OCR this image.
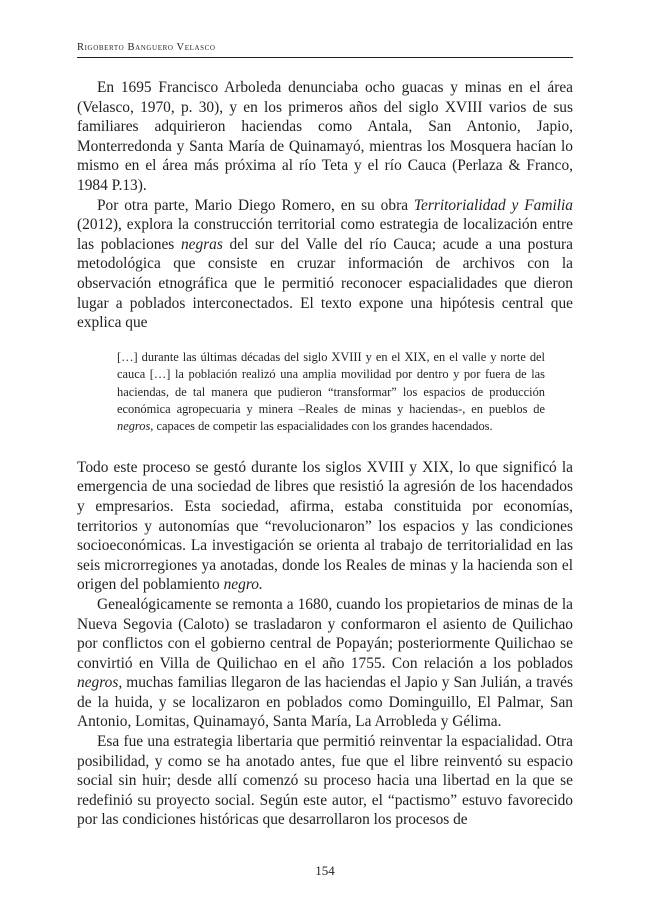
Rigoberto Banguero Velasco

En 1695 Francisco Arboleda denunciaba ocho guacas y minas en el área (Velasco, 1970, p. 30), y en los primeros años del siglo XVIII varios de sus familiares adquirieron haciendas como Antala, San Antonio, Japio, Monterredonda y Santa María de Quinamayó, mientras los Mosquera hacían lo mismo en el área más próxima al río Teta y el río Cauca (Perlaza & Franco, 1984 P.13).

Por otra parte, Mario Diego Romero, en su obra Territorialidad y Familia (2012), explora la construcción territorial como estrategia de localización entre las poblaciones negras del sur del Valle del río Cauca; acude a una postura metodológica que consiste en cruzar información de archivos con la observación etnográfica que le permitió reconocer espacialidades que dieron lugar a poblados interconectados. El texto expone una hipótesis central que explica que

[…] durante las últimas décadas del siglo XVIII y en el XIX, en el valle y norte del cauca […] la población realizó una amplia movilidad por dentro y por fuera de las haciendas, de tal manera que pudieron “transformar” los espacios de producción económica agropecuaria y minera –Reales de minas y haciendas-, en pueblos de negros, capaces de competir las espacialidades con los grandes hacendados.

Todo este proceso se gestó durante los siglos XVIII y XIX, lo que significó la emergencia de una sociedad de libres que resistió la agresión de los hacendados y empresarios. Esta sociedad, afirma, estaba constituida por economías, territorios y autonomías que “revolucionaron” los espacios y las condiciones socioeconómicas. La investigación se orienta al trabajo de territorialidad en las seis microrregiones ya anotadas, donde los Reales de minas y la hacienda son el origen del poblamiento negro.

Genealógicamente se remonta a 1680, cuando los propietarios de minas de la Nueva Segovia (Caloto) se trasladaron y conformaron el asiento de Quilichao por conflictos con el gobierno central de Popayán; posteriormente Quilichao se convirtió en Villa de Quilichao en el año 1755. Con relación a los poblados negros, muchas familias llegaron de las haciendas el Japio y San Julián, a través de la huida, y se localizaron en poblados como Dominguillo, El Palmar, San Antonio, Lomitas, Quinamayó, Santa María, La Arrobleda y Gélima.

Esa fue una estrategia libertaria que permitió reinventar la espacialidad. Otra posibilidad, y como se ha anotado antes, fue que el libre reinventó su espacio social sin huir; desde allí comenzó su proceso hacia una libertad en la que se redefinió su proyecto social. Según este autor, el “pactismo” estuvo favorecido por las condiciones históricas que desarrollaron los procesos de

154
